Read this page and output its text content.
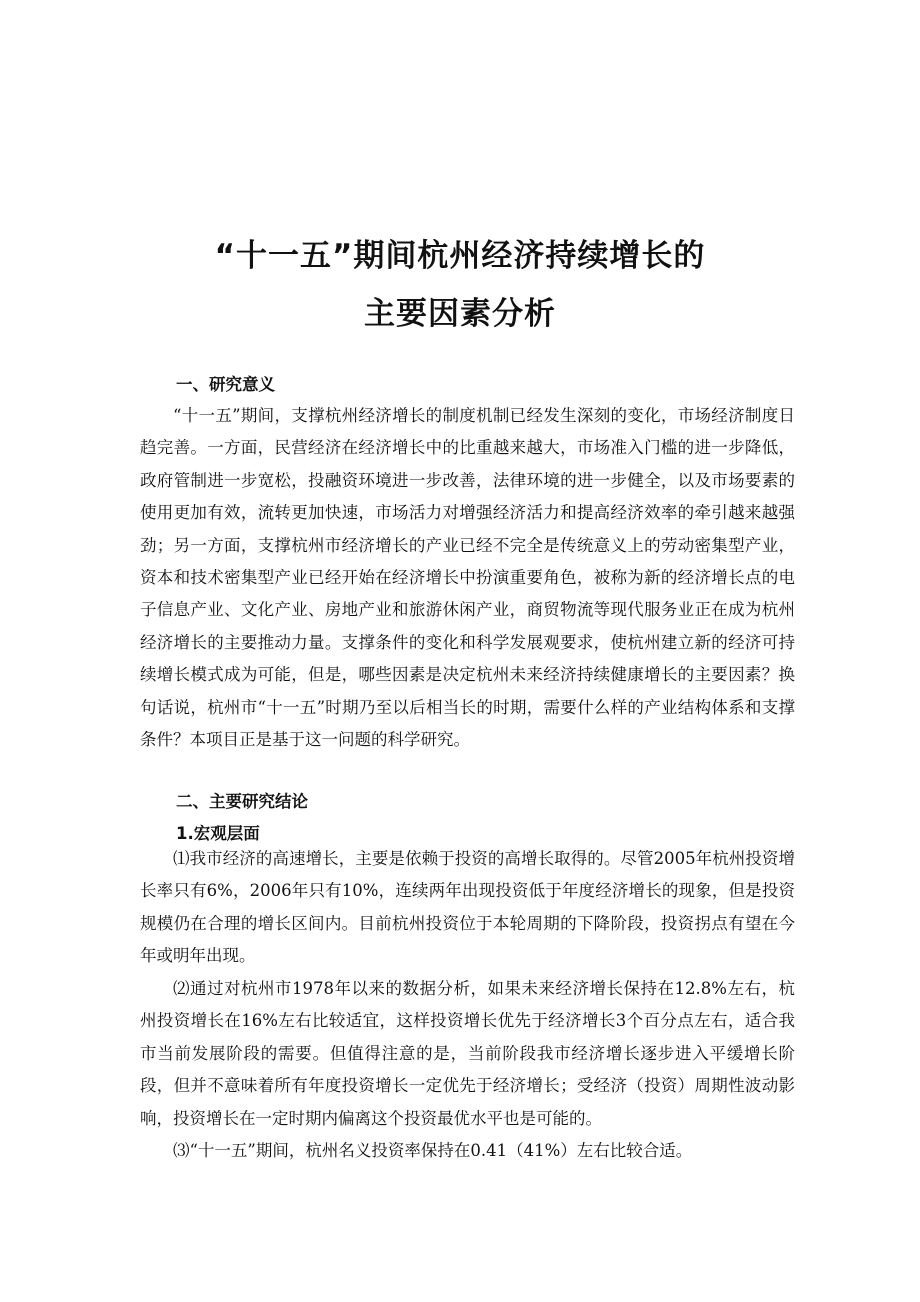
“十一五”期间杭州经济持续增长的
主要因素分析
一、研究意义

“十一五”期间，支撑杭州经济增长的制度机制已经发生深刻的变化，市场经济制度日趋完善。一方面，民营经济在经济增长中的比重越来越大，市场准入门槛的进一步降低，政府管制进一步宽松，投融资环境进一步改善，法律环境的进一步健全，以及市场要素的使用更加有效，流转更加快速，市场活力对增强经济活力和提高经济效率的牵引越来越强劲；另一方面，支撑杭州市经济增长的产业已经不完全是传统意义上的劳动密集型产业，资本和技术密集型产业已经开始在经济增长中扮演重要角色，被称为新的经济增长点的电子信息产业、文化产业、房地产业和旅游休闲产业，商贸物流等现代服务业正在成为杭州经济增长的主要推动力量。支撑条件的变化和科学发展观要求，使杭州建立新的经济可持续增长模式成为可能，但是，哪些因素是决定杭州未来经济持续健康增长的主要因素？换句话说，杭州市“十一五”时期乃至以后相当长的时期，需要什么样的产业结构体系和支撑条件？本项目正是基于这一问题的科学研究。

二、主要研究结论
1.宏观层面

⑴我市经济的高速增长，主要是依赖于投资的高增长取得的。尽管2005年杭州投资增长率只有6%，2006年只有10%，连续两年出现投资低于年度经济增长的现象，但是投资规模仍在合理的增长区间内。目前杭州投资位于本轮周期的下降阶段，投资拐点有望在今年或明年出现。

⑵通过对杭州市1978年以来的数据分析，如果未来经济增长保持在12.8%左右，杭州投资增长在16%左右比较适宜，这样投资增长优先于经济增长3个百分点左右，适合我市当前发展阶段的需要。但值得注意的是，当前阶段我市经济增长逐步进入平缓增长阶段，但并不意味着所有年度投资增长一定优先于经济增长；受经济（投资）周期性波动影响，投资增长在一定时期内偏离这个投资最优水平也是可能的。

⑶“十一五”期间，杭州名义投资率保持在0.41（41%）左右比较合适。
